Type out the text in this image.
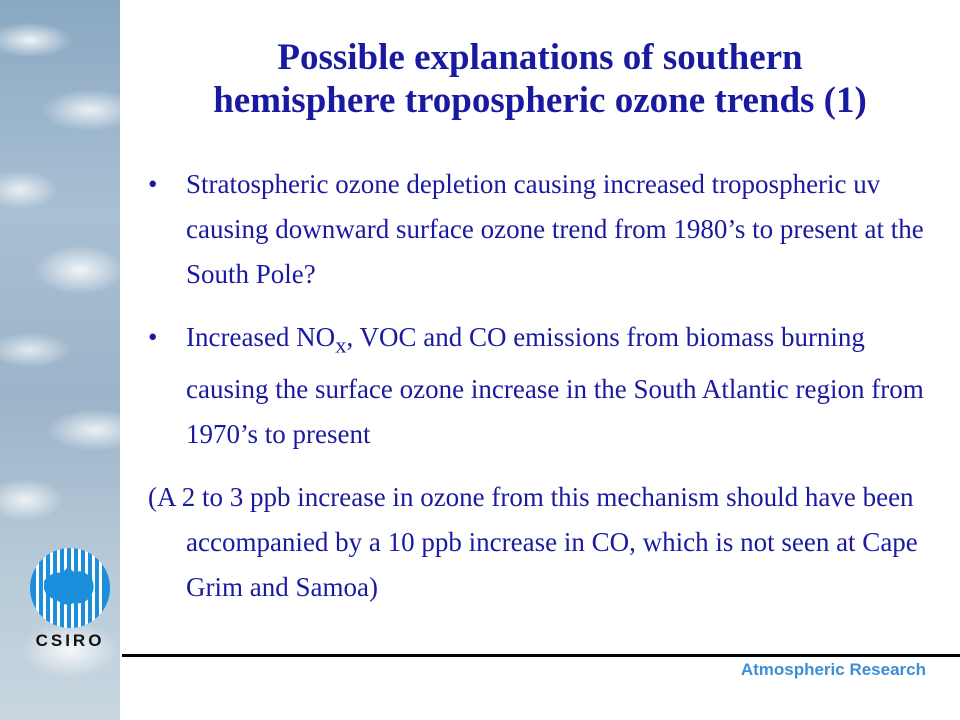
CSIRO
Possible explanations of southern
hemisphere tropospheric ozone trends (1)
• Stratospheric ozone depletion causing increased tropospheric uv causing downward surface ozone trend from 1980’s to present at the South Pole?
• Increased $NO_x$, VOC and CO emissions from biomass burning causing the surface ozone increase in the South Atlantic region from 1970’s to present
(A 2 to 3 ppb increase in ozone from this mechanism should have been accompanied by a 10 ppb increase in CO, which is not seen at Cape Grim and Samoa)
Atmospheric Research
